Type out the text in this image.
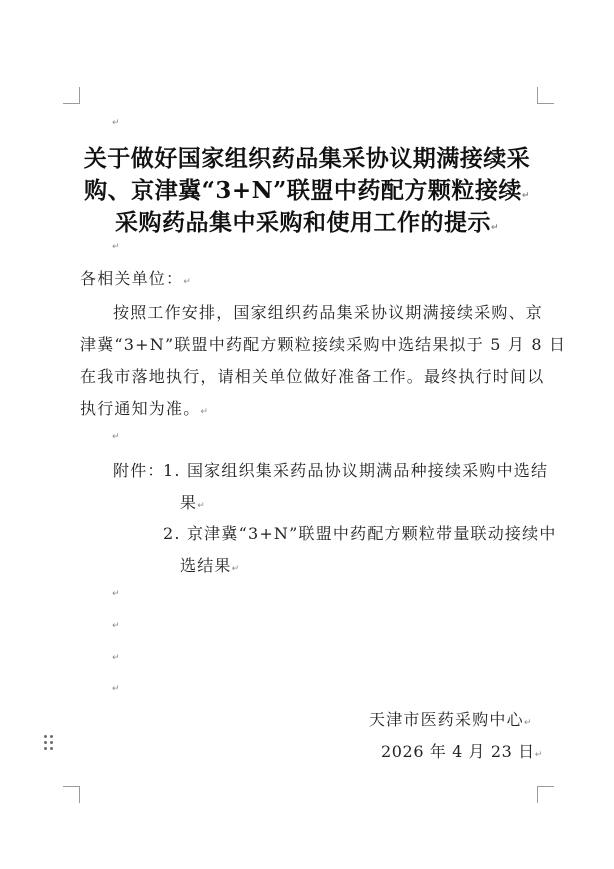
↵
关于做好国家组织药品集采协议期满接续采
购、京津冀“3+N”联盟中药配方颗粒接续↵
采购药品集中采购和使用工作的提示↵
↵
各相关单位：↵
按照工作安排，国家组织药品集采协议期满接续采购、京
津冀“3+N”联盟中药配方颗粒接续采购中选结果拟于 5 月 8 日
在我市落地执行，请相关单位做好准备工作。最终执行时间以
执行通知为准。↵
↵
附件：
1. 国家组织集采药品协议期满品种接续采购中选结
果↵
2. 京津冀“3+N”联盟中药配方颗粒带量联动接续中
选结果↵
↵
↵
↵
↵
天津市医药采购中心↵
2026 年 4 月 23 日↵
